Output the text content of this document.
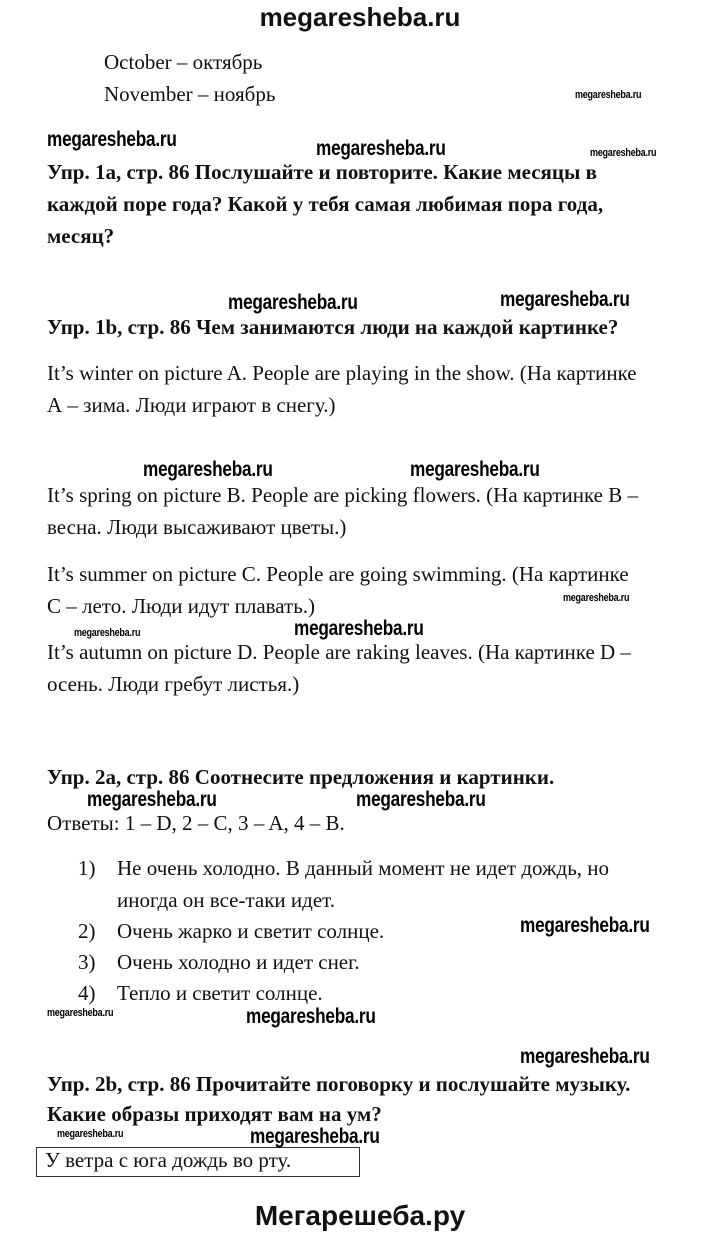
megaresheba.ru
October – октябрь
November – ноябрь
Упр. 1a, стр. 86 Послушайте и повторите. Какие месяцы в
каждой поре года? Какой у тебя самая любимая пора года,
месяц?
Упр. 1b, стр. 86 Чем занимаются люди на каждой картинке?
It’s winter on picture A. People are playing in the show. (На картинке
А – зима. Люди играют в снегу.)
It’s spring on picture B. People are picking flowers. (На картинке В –
весна. Люди высаживают цветы.)
It’s summer on picture C. People are going swimming. (На картинке
С – лето. Люди идут плавать.)
It’s autumn on picture D. People are raking leaves. (На картинке D –
осень. Люди гребут листья.)
Упр. 2a, стр. 86 Соотнесите предложения и картинки.
Ответы: 1 – D, 2 – C, 3 – A, 4 – B.
1) Не очень холодно. В данный момент не идет дождь, но
иногда он все-таки идет.
2) Очень жарко и светит солнце.
3) Очень холодно и идет снег.
4) Тепло и светит солнце.
Упр. 2b, стр. 86 Прочитайте поговорку и послушайте музыку.
Какие образы приходят вам на ум?
У ветра с юга дождь во рту.
megaresheba.ru
megaresheba.ru	megaresheba.ru	megaresheba.ru
megaresheba.ru	megaresheba.ru
megaresheba.ru	megaresheba.ru
megaresheba.ru
megaresheba.ru
megaresheba.ru
megaresheba.ru	megaresheba.ru
megaresheba.ru
megaresheba.ru	megaresheba.ru
megaresheba.ru
megaresheba.ru	megaresheba.ru
Мегарешеба.ру
